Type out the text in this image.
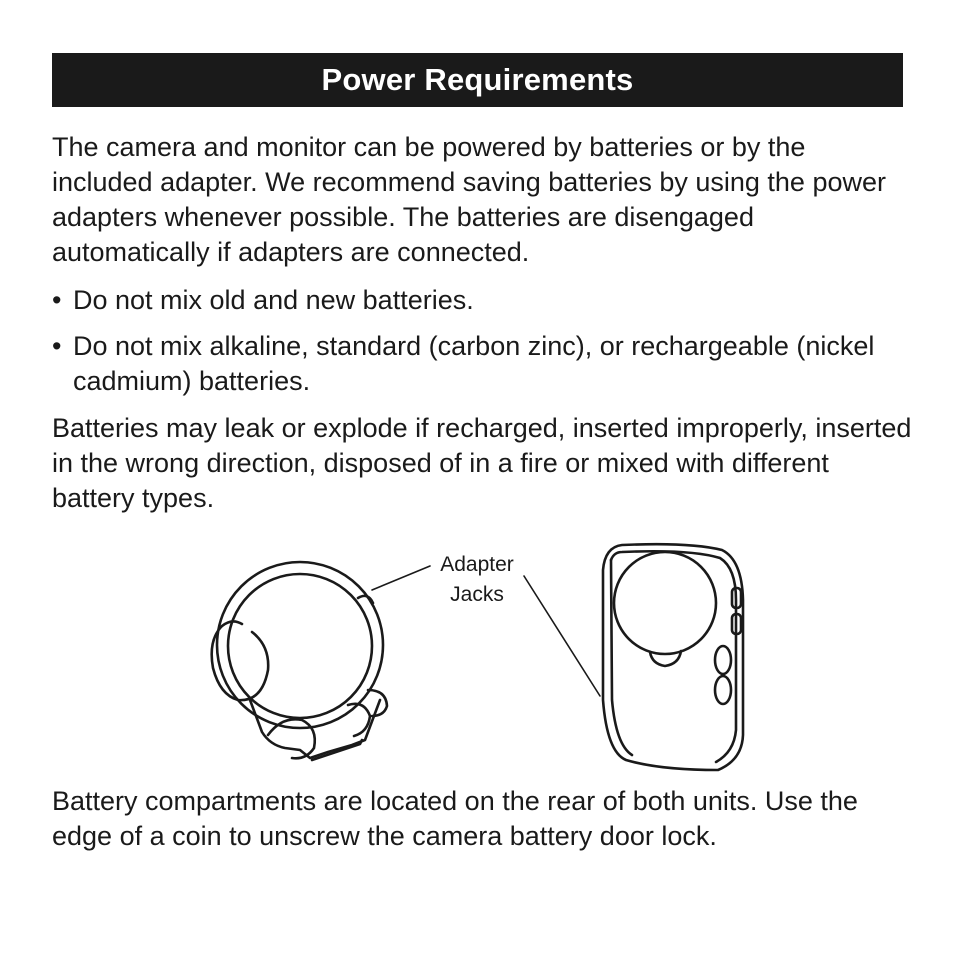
Power Requirements

The camera and monitor can be powered by batteries or by the included adapter. We recommend saving batteries by using the power adapters whenever possible. The batteries are disengaged automatically if adapters are connected.

• Do not mix old and new batteries.
• Do not mix alkaline, standard (carbon zinc), or rechargeable (nickel cadmium) batteries.

Batteries may leak or explode if recharged, inserted improperly, inserted in the wrong direction, disposed of in a fire or mixed with different battery types.

Adapter
Jacks

Battery compartments are located on the rear of both units. Use the edge of a coin to unscrew the camera battery door lock.
